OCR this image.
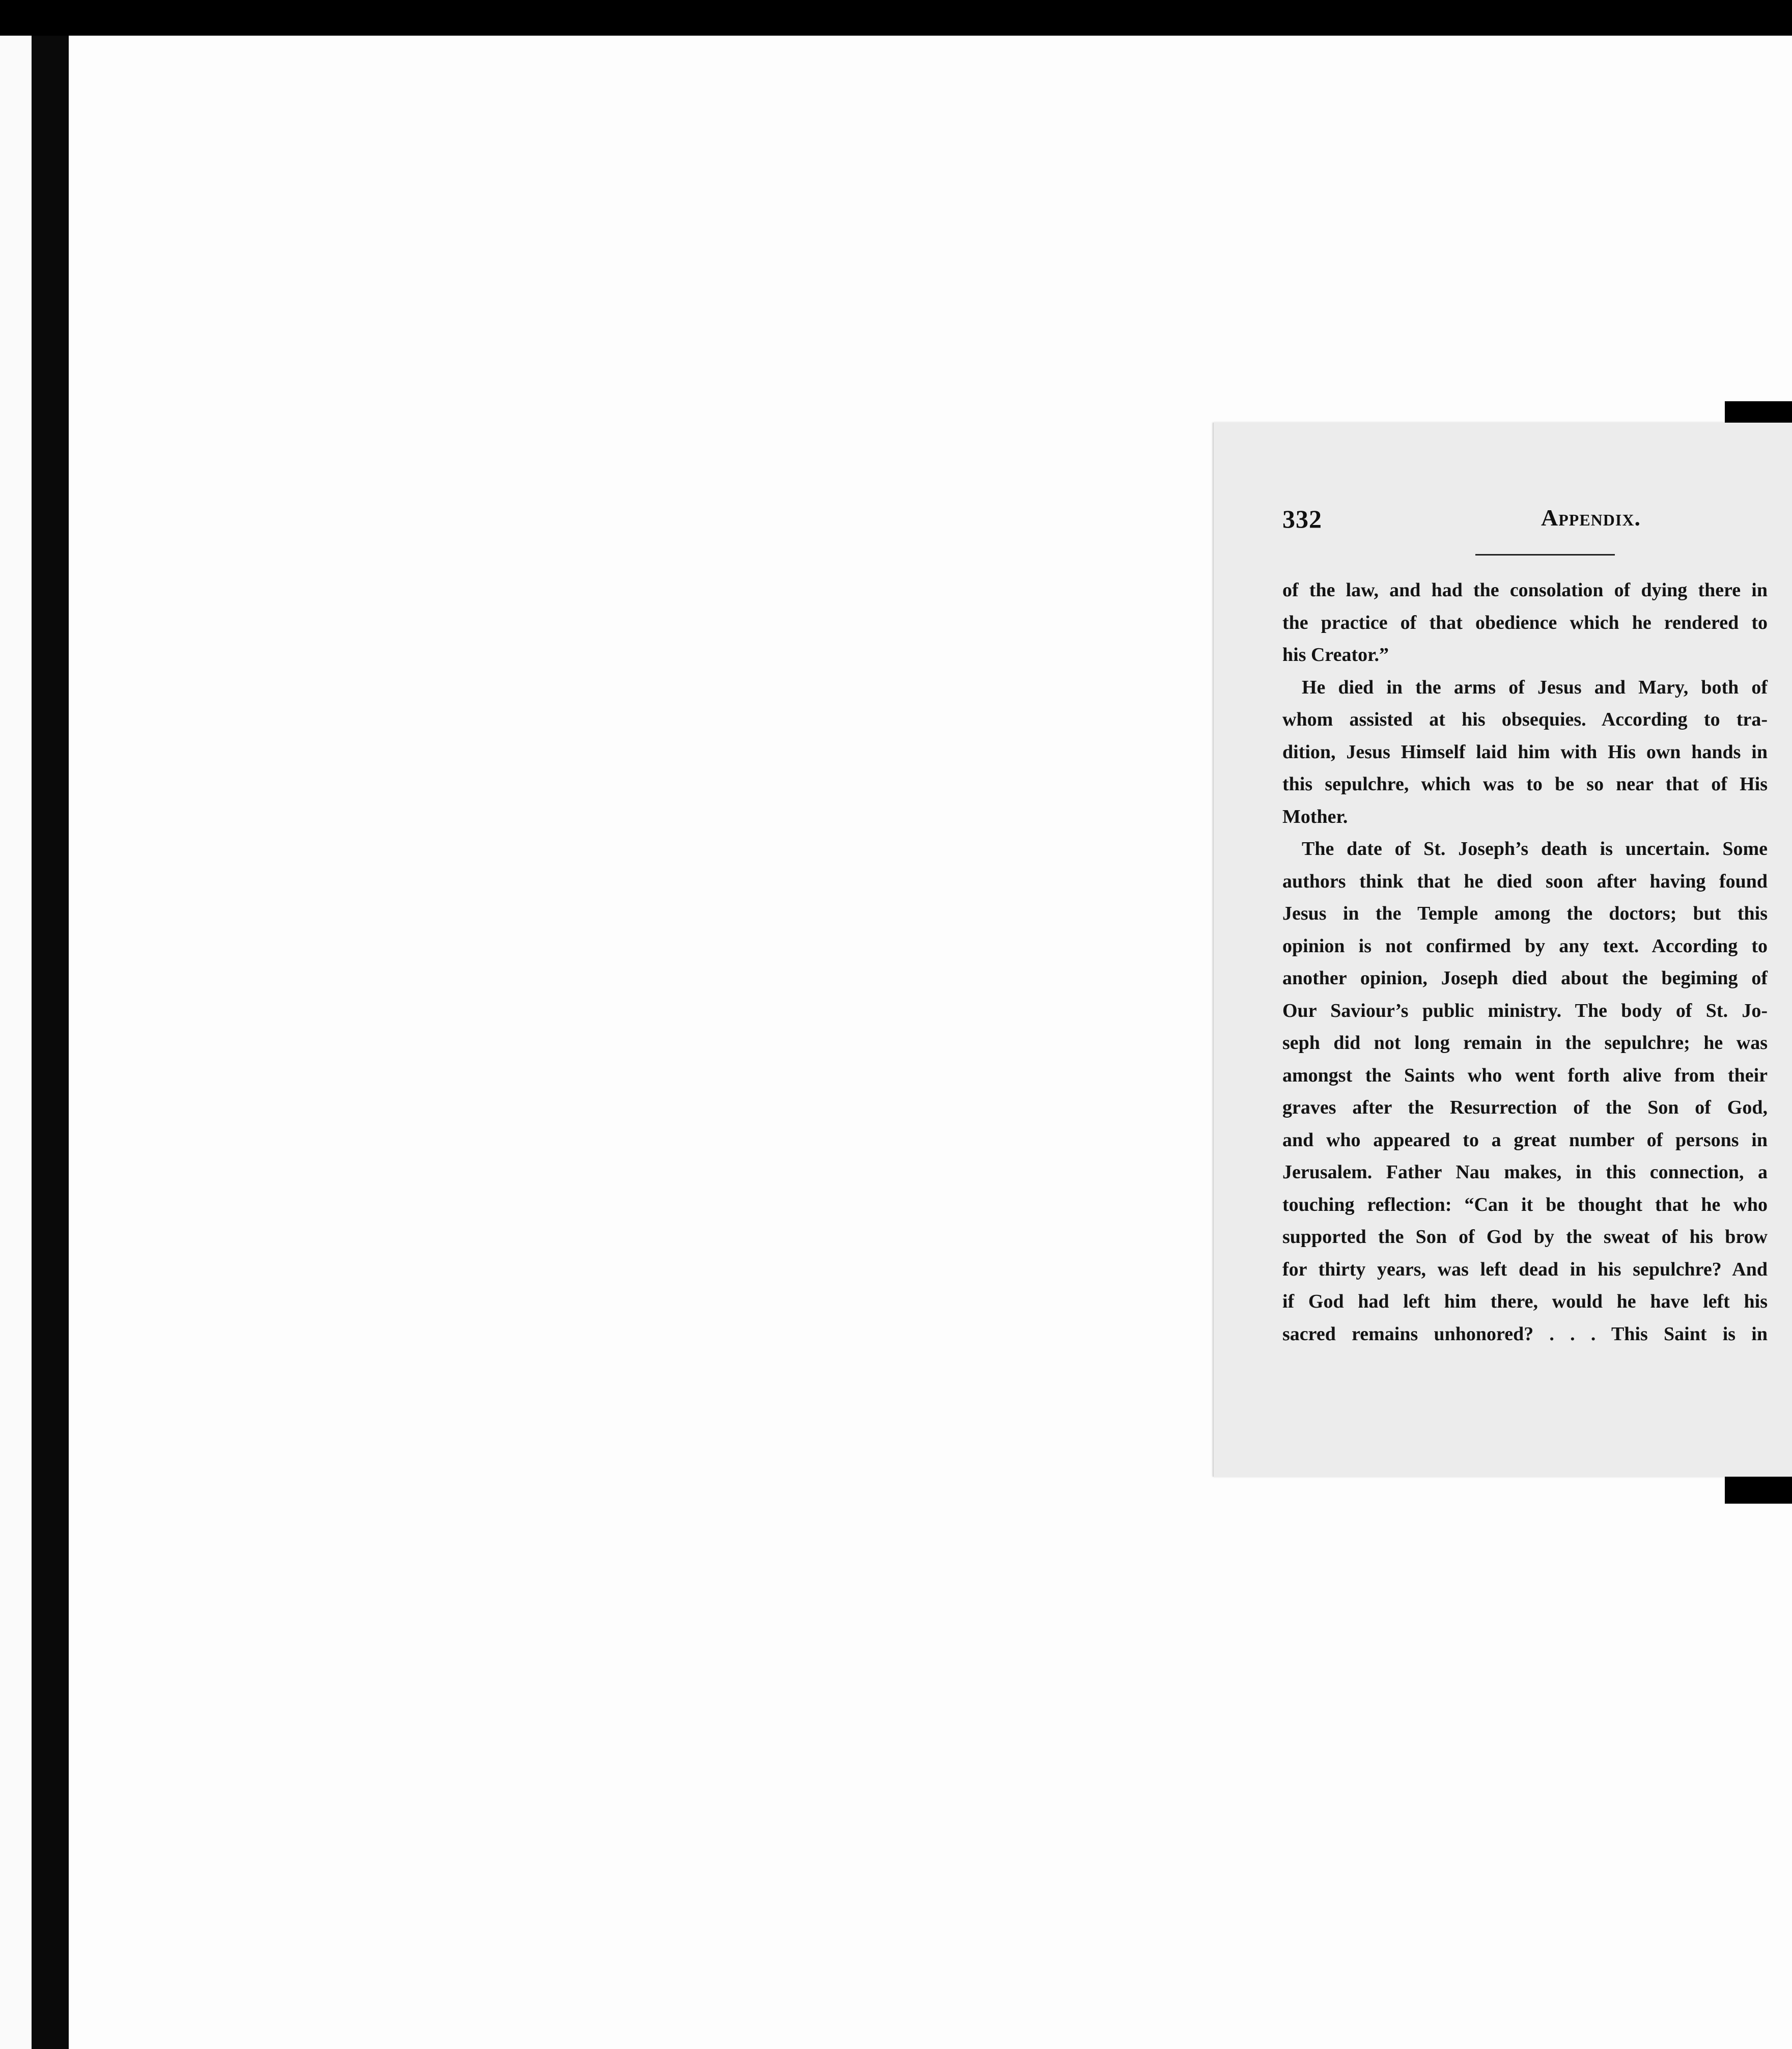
332	Appendix.
of the law, and had the consolation of dying there in
the practice of that obedience which he rendered to
his Creator.”
He died in the arms of Jesus and Mary, both of
whom assisted at his obsequies. According to tra-
dition, Jesus Himself laid him with His own hands in
this sepulchre, which was to be so near that of His
Mother.
The date of St. Joseph’s death is uncertain. Some
authors think that he died soon after having found
Jesus in the Temple among the doctors; but this
opinion is not confirmed by any text. According to
another opinion, Joseph died about the begiming of
Our Saviour’s public ministry. The body of St. Jo-
seph did not long remain in the sepulchre; he was
amongst the Saints who went forth alive from their
graves after the Resurrection of the Son of God,
and who appeared to a great number of persons in
Jerusalem. Father Nau makes, in this connection, a
touching reflection: “Can it be thought that he who
supported the Son of God by the sweat of his brow
for thirty years, was left dead in his sepulchre? And
if God had left him there, would he have left his
sacred remains unhonored? . . . This Saint is in
